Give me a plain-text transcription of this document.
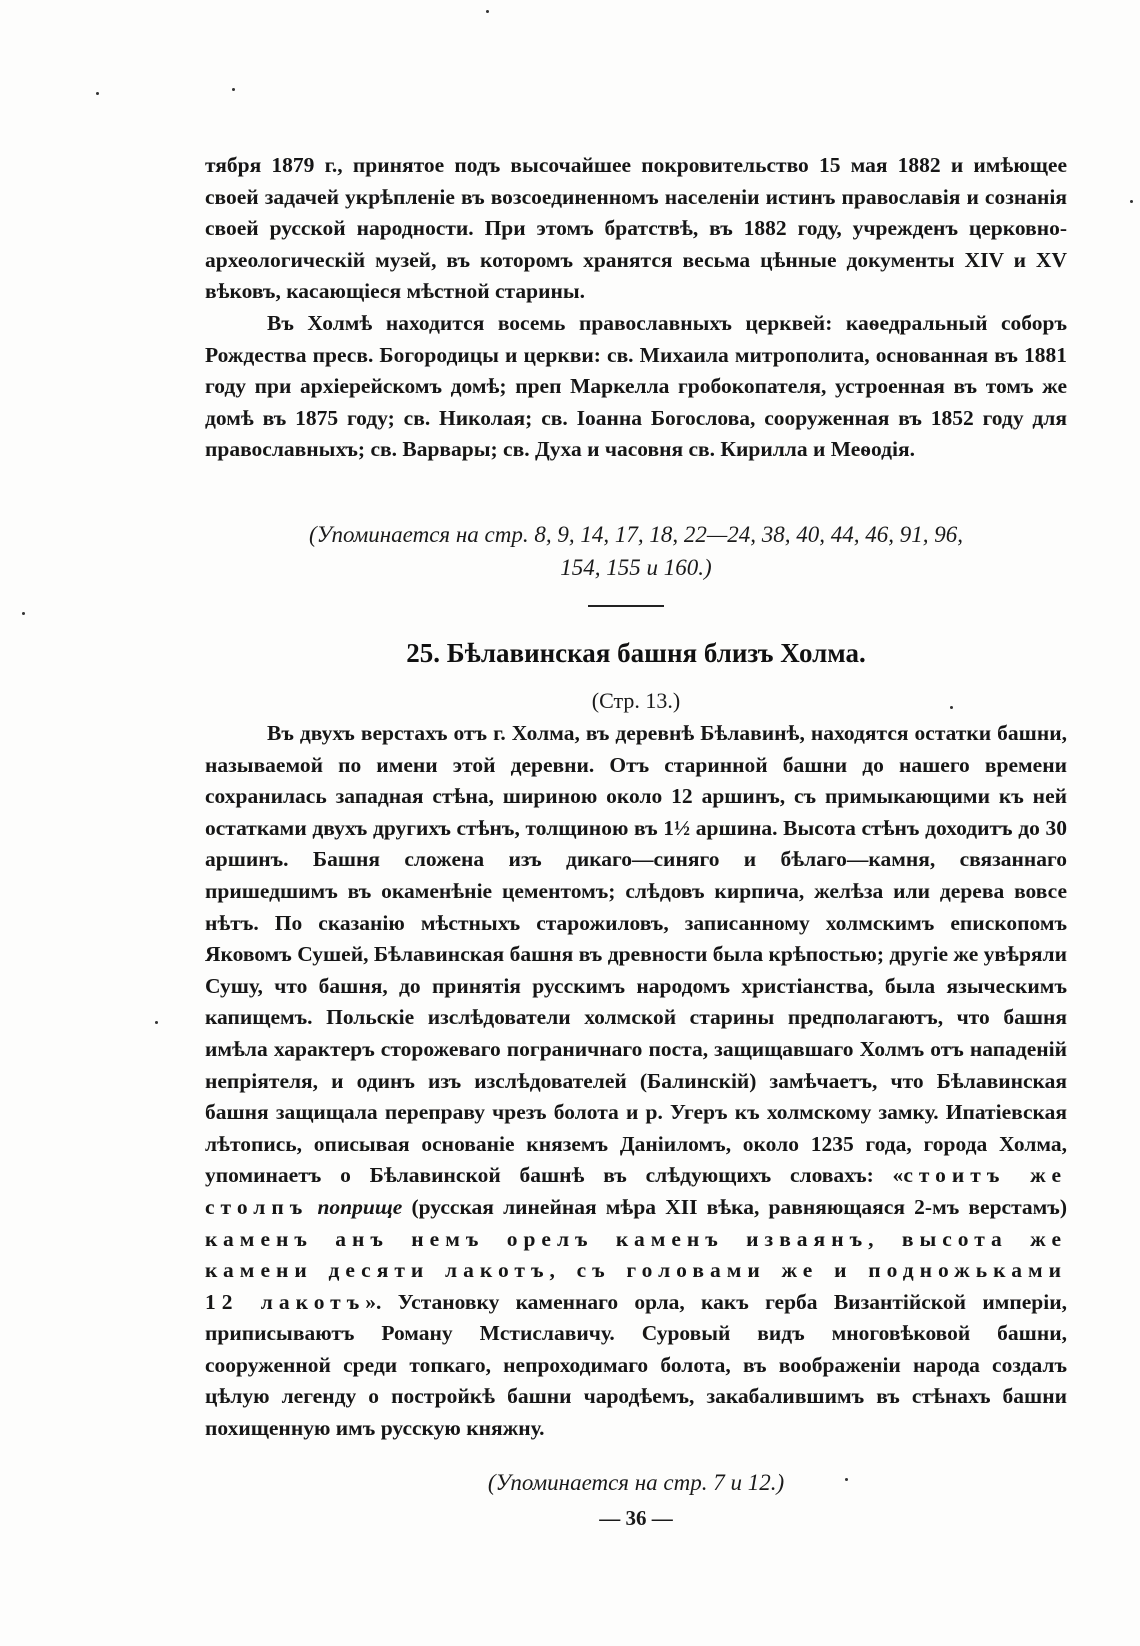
тября 1879 г., принятое подъ высочайшее покровительство 15 мая 1882 и имѣющее своей задачей укрѣпленіе въ возсоединенномъ населеніи истинъ православія и сознанія своей русской народности. При этомъ братствѣ, въ 1882 году, учрежденъ церковно-археологическій музей, въ которомъ хранятся весьма цѣнные документы XIV и XV вѣковъ, касающіеся мѣстной старины.

Въ Холмѣ находится восемь православныхъ церквей: каѳедральный соборъ Рождества пресв. Богородицы и церкви: св. Михаила митрополита, основанная въ 1881 году при архіерейскомъ домѣ; преп Маркелла гробокопателя, устроенная въ томъ же домѣ въ 1875 году; св. Николая; св. Іоанна Богослова, сооруженная въ 1852 году для православныхъ; св. Варвары; св. Духа и часовня св. Кирилла и Меѳодія.

(Упоминается на стр. 8, 9, 14, 17, 18, 22—24, 38, 40, 44, 46, 91, 96,
154, 155 и 160.)
25. Бѣлавинская башня близъ Холма.
(Стр. 13.)

Въ двухъ верстахъ отъ г. Холма, въ деревнѣ Бѣлавинѣ, находятся остатки башни, называемой по имени этой деревни. Отъ старинной башни до нашего времени сохранилась западная стѣна, шириною около 12 аршинъ, съ примыкающими къ ней остатками двухъ другихъ стѣнъ, толщиною въ 1½ аршина. Высота стѣнъ доходитъ до 30 аршинъ. Башня сложена изъ дикаго—синяго и бѣлаго—камня, связаннаго пришедшимъ въ окаменѣніе цементомъ; слѣдовъ кирпича, желѣза или дерева вовсе нѣтъ. По сказанію мѣстныхъ старожиловъ, записанному холмскимъ епископомъ Яковомъ Сушей, Бѣлавинская башня въ древности была крѣпостью; другіе же увѣряли Сушу, что башня, до принятія русскимъ народомъ христіанства, была языческимъ капищемъ. Польскіе изслѣдователи холмской старины предполагаютъ, что башня имѣла характеръ сторожеваго пограничнаго поста, защищавшаго Холмъ отъ нападеній непріятеля, и одинъ изъ изслѣдователей (Балинскій) замѣчаетъ, что Бѣлавинская башня защищала переправу чрезъ болота и р. Угеръ къ холмскому замку. Ипатіевская лѣтопись, описывая основаніе княземъ Даніиломъ, около 1235 года, города Холма, упоминаетъ о Бѣлавинской башнѣ въ слѣдующихъ словахъ: «стоитъ же столпъ поприще (русская линейная мѣра XII вѣка, равняющаяся 2-мъ верстамъ) каменъ анъ немъ орелъ каменъ изваянъ, высота же камени десяти лакотъ, съ головами же и подножьками 12 лакотъ». Установку каменнаго орла, какъ герба Византійской имперіи, приписываютъ Роману Мстиславичу. Суровый видъ многовѣковой башни, сооруженной среди топкаго, непроходимаго болота, въ воображеніи народа создалъ цѣлую легенду о постройкѣ башни чародѣемъ, закабалившимъ въ стѣнахъ башни похищенную имъ русскую княжну.

(Упоминается на стр. 7 и 12.)
— 36 —
